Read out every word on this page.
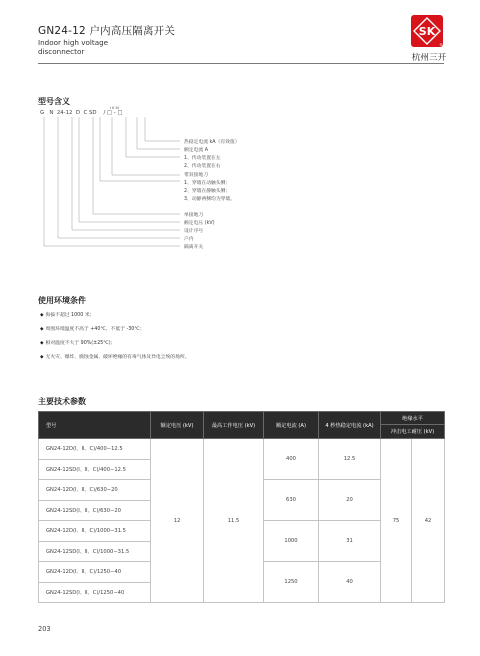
GN24-12 户内高压隔离开关
Indoor high voltage
disconnector
SK
®
杭州三开
型号含义
G N 24-12 D C SD / □ - □
I II III
热稳定电流 kA（有效值）
额定电流 A
1、传动装置在左
2、传动装置在右
带双接地刀
1、穿墙在动触头侧；
2、穿墙在静触头侧；
3、动静两侧均为穿墙。
单接地刀
额定电压 (kV)
设计序号
户内
隔离开关
使用环境条件
◆ 海拔不超过 1000 米；
◆ 周围环境温度不高于 +40℃，不低于 -30℃；
◆ 相对温度不大于 90%(±25℃)；
◆ 无火灾、爆炸、腐蚀金属、破坏绝缘的有毒气体及异电尘埃的场所。
主要技术参数
型号	额定电压 (kV)	最高工作电压 (kV)	额定电流 (A)	4 秒热稳定电流 (kA)	绝缘水平	
					冲击电工耐压 (kV)	
GN24-12D(Ⅰ、Ⅱ、C)/400−12.5	12	11.5	400	12.5	75	42
GN24-12SD(Ⅰ、Ⅱ、C)/400−12.5						
GN24-12D(Ⅰ、Ⅱ、C)/630−20			630	20		
GN24-12SD(Ⅰ、Ⅱ、C)/630−20						
GN24-12D(Ⅰ、Ⅱ、C)/1000−31.5			1000	31		
GN24-12SD(Ⅰ、Ⅱ、C)/1000−31.5						
GN24-12D(Ⅰ、Ⅱ、C)/1250−40			1250	40		
GN24-12SD(Ⅰ、Ⅱ、C)/1250−40						
203
